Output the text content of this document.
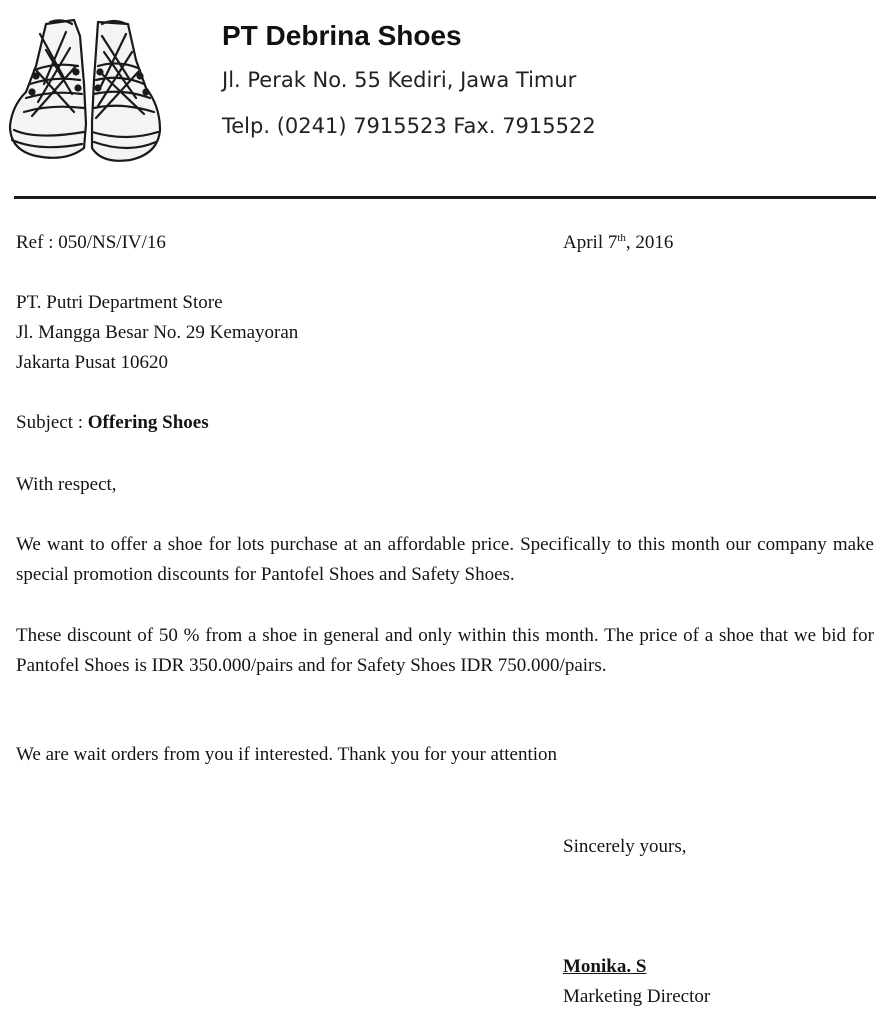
PT Debrina Shoes
Jl. Perak No. 55 Kediri, Jawa Timur
Telp. (0241) 7915523 Fax. 7915522
Ref : 050/NS/IV/16	April 7th, 2016
PT. Putri Department Store
Jl. Mangga Besar No. 29 Kemayoran
Jakarta Pusat 10620
Subject : Offering Shoes
With respect,
We want to offer a shoe for lots purchase at an affordable price. Specifically to this month our company make special promotion discounts for Pantofel Shoes and Safety Shoes.
These discount of 50 % from a shoe in general and only within this month. The price of a shoe that we bid for Pantofel Shoes is IDR 350.000/pairs and for Safety Shoes IDR 750.000/pairs.
We are wait orders from you if interested. Thank you for your attention
Sincerely yours,
Monika. S
Marketing Director
